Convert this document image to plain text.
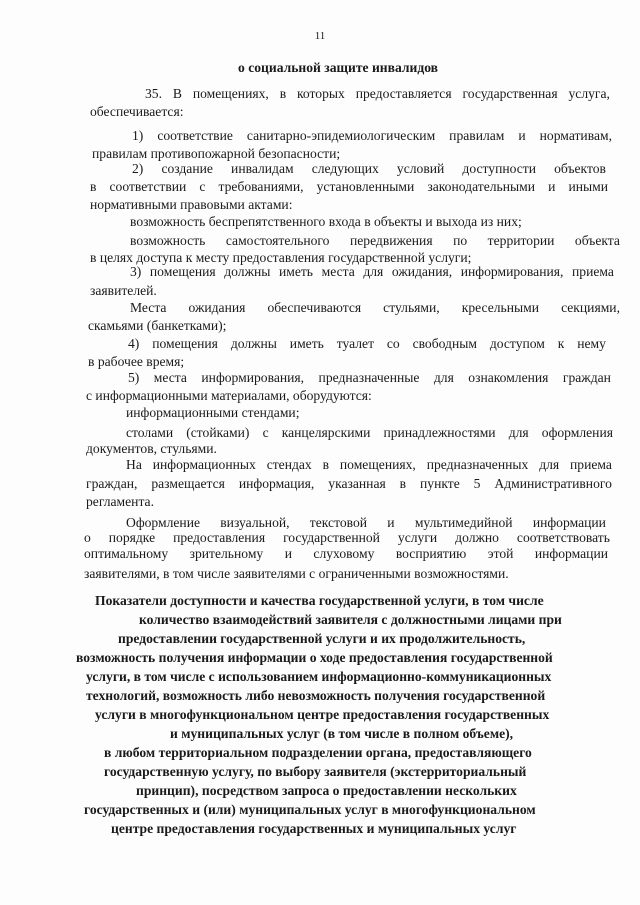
11
о социальной защите инвалидов
35. В помещениях, в которых предоставляется государственная услуга,
обеспечивается:
1) соответствие санитарно-эпидемиологическим правилам и нормативам,
правилам противопожарной безопасности;
2) создание инвалидам следующих условий доступности объектов
в соответствии с требованиями, установленными законодательными и иными
нормативными правовыми актами:
возможность беспрепятственного входа в объекты и выхода из них;
возможность самостоятельного передвижения по территории объекта
в целях доступа к месту предоставления государственной услуги;
3) помещения должны иметь места для ожидания, информирования, приема
заявителей.
Места ожидания обеспечиваются стульями, кресельными секциями,
скамьями (банкетками);
4) помещения должны иметь туалет со свободным доступом к нему
в рабочее время;
5) места информирования, предназначенные для ознакомления граждан
с информационными материалами, оборудуются:
информационными стендами;
столами (стойками) с канцелярскими принадлежностями для оформления
документов, стульями.
На информационных стендах в помещениях, предназначенных для приема
граждан, размещается информация, указанная в пункте 5 Административного
регламента.
Оформление визуальной, текстовой и мультимедийной информации
о порядке предоставления государственной услуги должно соответствовать
оптимальному зрительному и слуховому восприятию этой информации
заявителями, в том числе заявителями с ограниченными возможностями.
Показатели доступности и качества государственной услуги, в том числе
количество взаимодействий заявителя с должностными лицами при
предоставлении государственной услуги и их продолжительность,
возможность получения информации о ходе предоставления государственной
услуги, в том числе с использованием информационно-коммуникационных
технологий, возможность либо невозможность получения государственной
услуги в многофункциональном центре предоставления государственных
и муниципальных услуг (в том числе в полном объеме),
в любом территориальном подразделении органа, предоставляющего
государственную услугу, по выбору заявителя (экстерриториальный
принцип), посредством запроса о предоставлении нескольких
государственных и (или) муниципальных услуг в многофункциональном
центре предоставления государственных и муниципальных услуг
